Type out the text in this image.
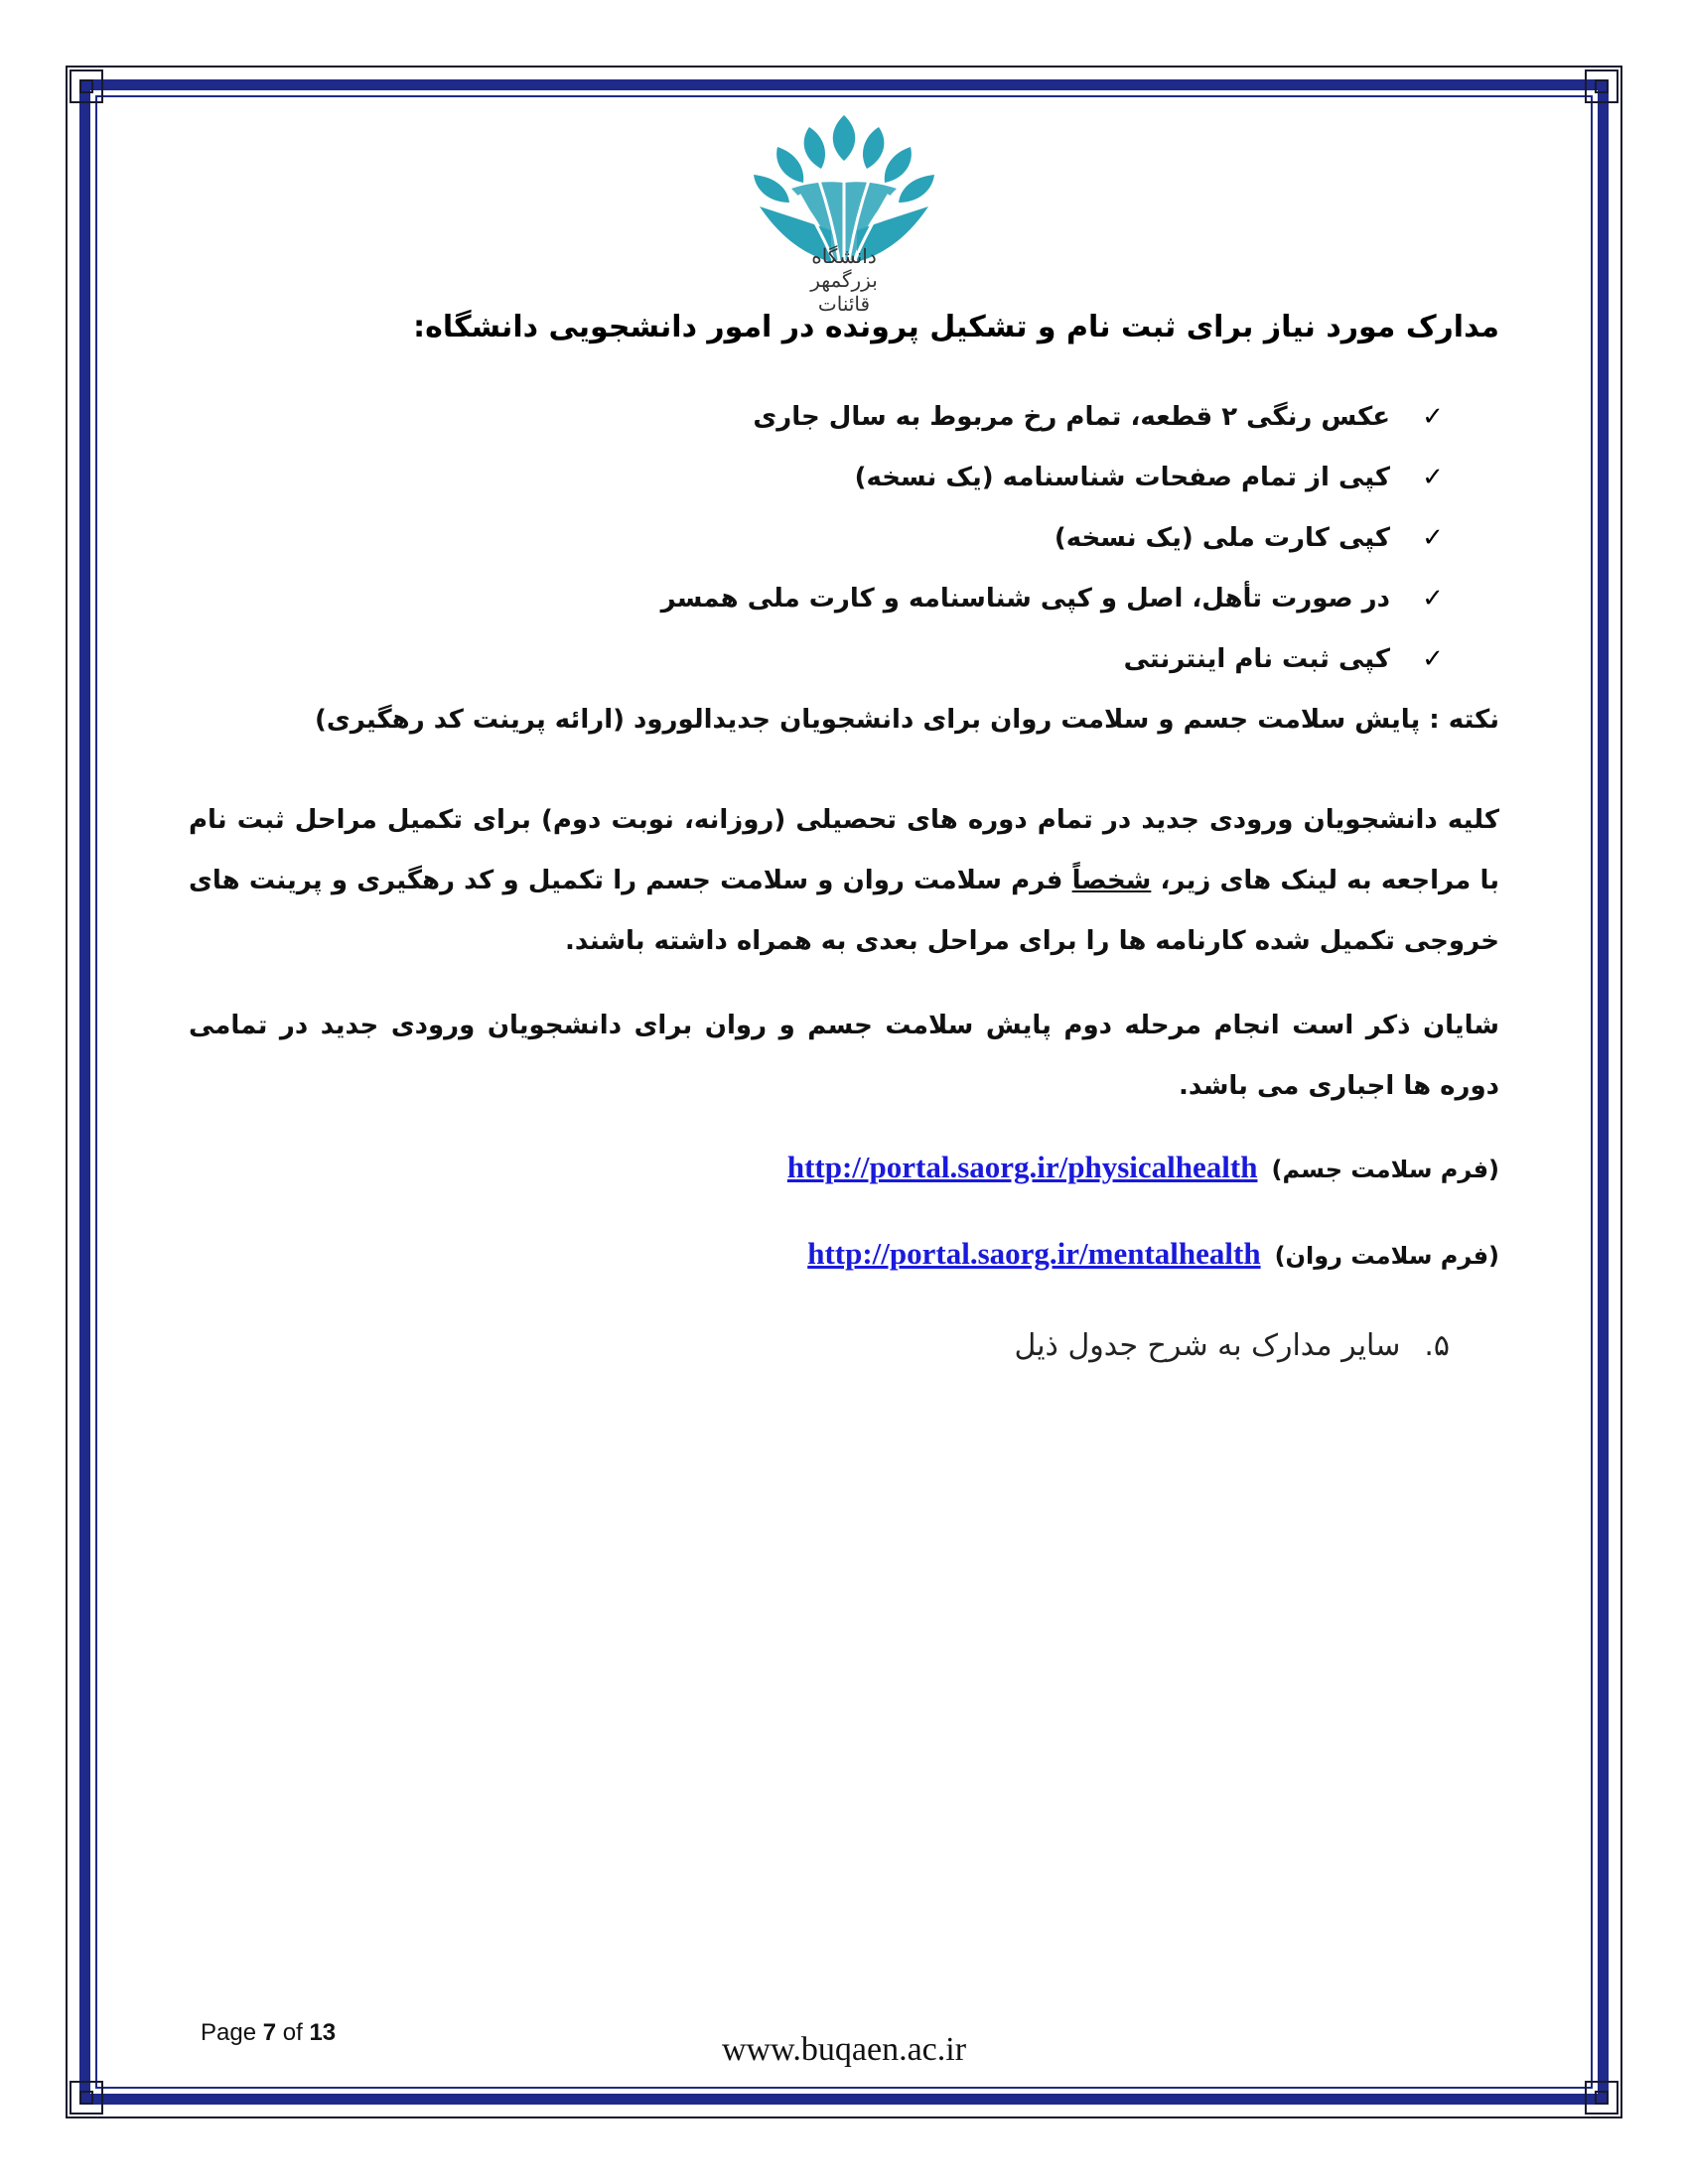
دانشگاه بزرگمهر قائنات
مدارک مورد نیاز برای ثبت نام و تشکیل پرونده در امور دانشجویی دانشگاه:
✓
عکس رنگی ۲ قطعه، تمام رخ مربوط به سال جاری
✓
کپی از تمام صفحات شناسنامه (یک نسخه)
✓
کپی کارت ملی (یک نسخه)
✓
در صورت تأهل، اصل و کپی شناسنامه و کارت ملی همسر
✓
کپی ثبت نام اینترنتی
نکته : پایش سلامت جسم و سلامت روان برای دانشجویان جدیدالورود (ارائه پرینت کد رهگیری)
کلیه دانشجویان ورودی جدید در تمام دوره های تحصیلی (روزانه، نوبت دوم) برای تکمیل مراحل ثبت نام با مراجعه به لینک های زیر، شخصاً فرم سلامت روان و سلامت جسم را تکمیل و کد رهگیری و پرینت های خروجی تکمیل شده کارنامه ها را برای مراحل بعدی به همراه داشته باشند.
شایان ذکر است انجام مرحله دوم پایش سلامت جسم و روان برای دانشجویان ورودی جدید در تمامی دوره ها اجباری می باشد.
(فرم سلامت جسم)
http://portal.saorg.ir/physicalhealth
(فرم سلامت روان)
http://portal.saorg.ir/mentalhealth
۵.سایر مدارک به شرح جدول ذیل
Page 7 of 13	www.buqaen.ac.ir
